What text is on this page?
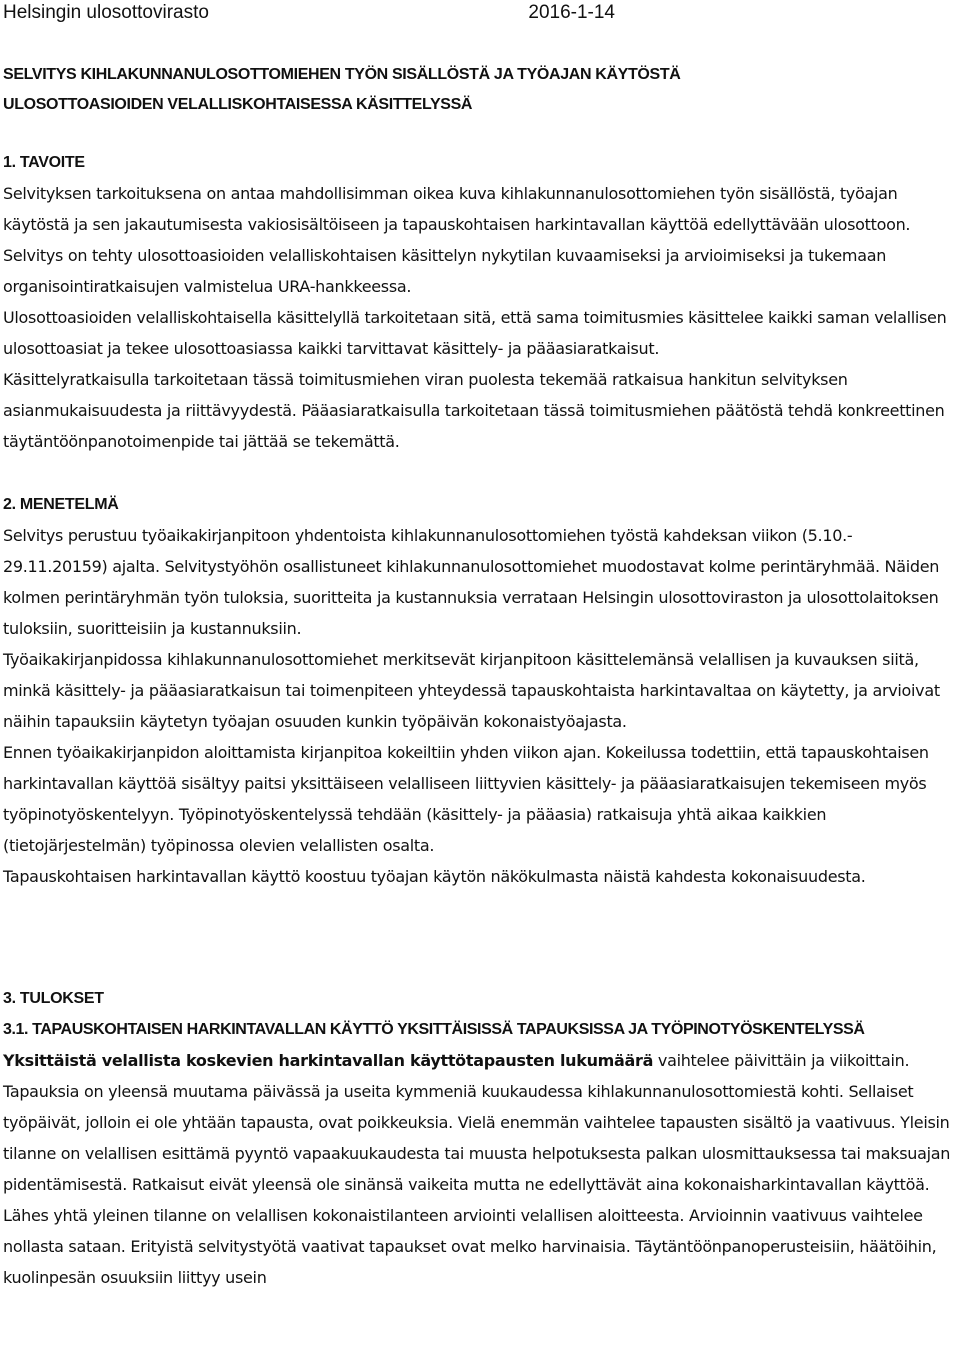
Helsingin ulosottovirasto	2016-1-14
SELVITYS KIHLAKUNNANULOSOTTOMIEHEN TYÖN SISÄLLÖSTÄ JA TYÖAJAN KÄYTÖSTÄ
ULOSOTTOASIOIDEN VELALLISKOHTAISESSA KÄSITTELYSSÄ
1. TAVOITE

Selvityksen tarkoituksena on antaa mahdollisimman oikea kuva kihlakunnanulosottomiehen työn sisällöstä, työajan käytöstä ja sen jakautumisesta vakiosisältöiseen ja tapauskohtaisen harkintavallan käyttöä edellyttävään ulosottoon. Selvitys on tehty ulosottoasioiden velalliskohtaisen käsittelyn nykytilan kuvaamiseksi ja arvioimiseksi ja tukemaan organisointiratkaisujen valmistelua URA-hankkeessa.

Ulosottoasioiden velalliskohtaisella käsittelyllä tarkoitetaan sitä, että sama toimitusmies käsittelee kaikki saman velallisen ulosottoasiat ja tekee ulosottoasiassa kaikki tarvittavat käsittely- ja pääasiaratkaisut.

Käsittelyratkaisulla tarkoitetaan tässä toimitusmiehen viran puolesta tekemää ratkaisua hankitun selvityksen asianmukaisuudesta ja riittävyydestä. Pääasiaratkaisulla tarkoitetaan tässä toimitusmiehen päätöstä tehdä konkreettinen täytäntöönpanotoimenpide tai jättää se tekemättä.

2. MENETELMÄ

Selvitys perustuu työaikakirjanpitoon yhdentoista kihlakunnanulosottomiehen työstä kahdeksan viikon (5.10.- 29.11.20159) ajalta. Selvitystyöhön osallistuneet kihlakunnanulosottomiehet muodostavat kolme perintäryhmää. Näiden kolmen perintäryhmän työn tuloksia, suoritteita ja kustannuksia verrataan Helsingin ulosottoviraston ja ulosottolaitoksen tuloksiin, suoritteisiin ja kustannuksiin.

Työaikakirjanpidossa kihlakunnanulosottomiehet merkitsevät kirjanpitoon käsittelemänsä velallisen ja kuvauksen siitä, minkä käsittely- ja pääasiaratkaisun tai toimenpiteen yhteydessä tapauskohtaista harkintavaltaa on käytetty, ja arvioivat näihin tapauksiin käytetyn työajan osuuden kunkin työpäivän kokonaistyöajasta.

Ennen työaikakirjanpidon aloittamista kirjanpitoa kokeiltiin yhden viikon ajan. Kokeilussa todettiin, että tapauskohtaisen harkintavallan käyttöä sisältyy paitsi yksittäiseen velalliseen liittyvien käsittely- ja pääasiaratkaisujen tekemiseen myös työpinotyöskentelyyn. Työpinotyöskentelyssä tehdään (käsittely- ja pääasia) ratkaisuja yhtä aikaa kaikkien (tietojärjestelmän) työpinossa olevien velallisten osalta.

Tapauskohtaisen harkintavallan käyttö koostuu työajan käytön näkökulmasta näistä kahdesta kokonaisuudesta.

3. TULOKSET
3.1. TAPAUSKOHTAISEN HARKINTAVALLAN KÄYTTÖ YKSITTÄISISSÄ TAPAUKSISSA JA TYÖPINOTYÖSKENTELYSSÄ

Yksittäistä velallista koskevien harkintavallan käyttötapausten lukumäärä vaihtelee päivittäin ja viikoittain. Tapauksia on yleensä muutama päivässä ja useita kymmeniä kuukaudessa kihlakunnanulosottomiestä kohti. Sellaiset työpäivät, jolloin ei ole yhtään tapausta, ovat poikkeuksia. Vielä enemmän vaihtelee tapausten sisältö ja vaativuus. Yleisin tilanne on velallisen esittämä pyyntö vapaakuukaudesta tai muusta helpotuksesta palkan ulosmittauksessa tai maksuajan pidentämisestä. Ratkaisut eivät yleensä ole sinänsä vaikeita mutta ne edellyttävät aina kokonaisharkintavallan käyttöä. Lähes yhtä yleinen tilanne on velallisen kokonaistilanteen arviointi velallisen aloitteesta. Arvioinnin vaativuus vaihtelee nollasta sataan. Erityistä selvitystyötä vaativat tapaukset ovat melko harvinaisia. Täytäntöönpanoperusteisiin, häätöihin, kuolinpesän osuuksiin liittyy usein
